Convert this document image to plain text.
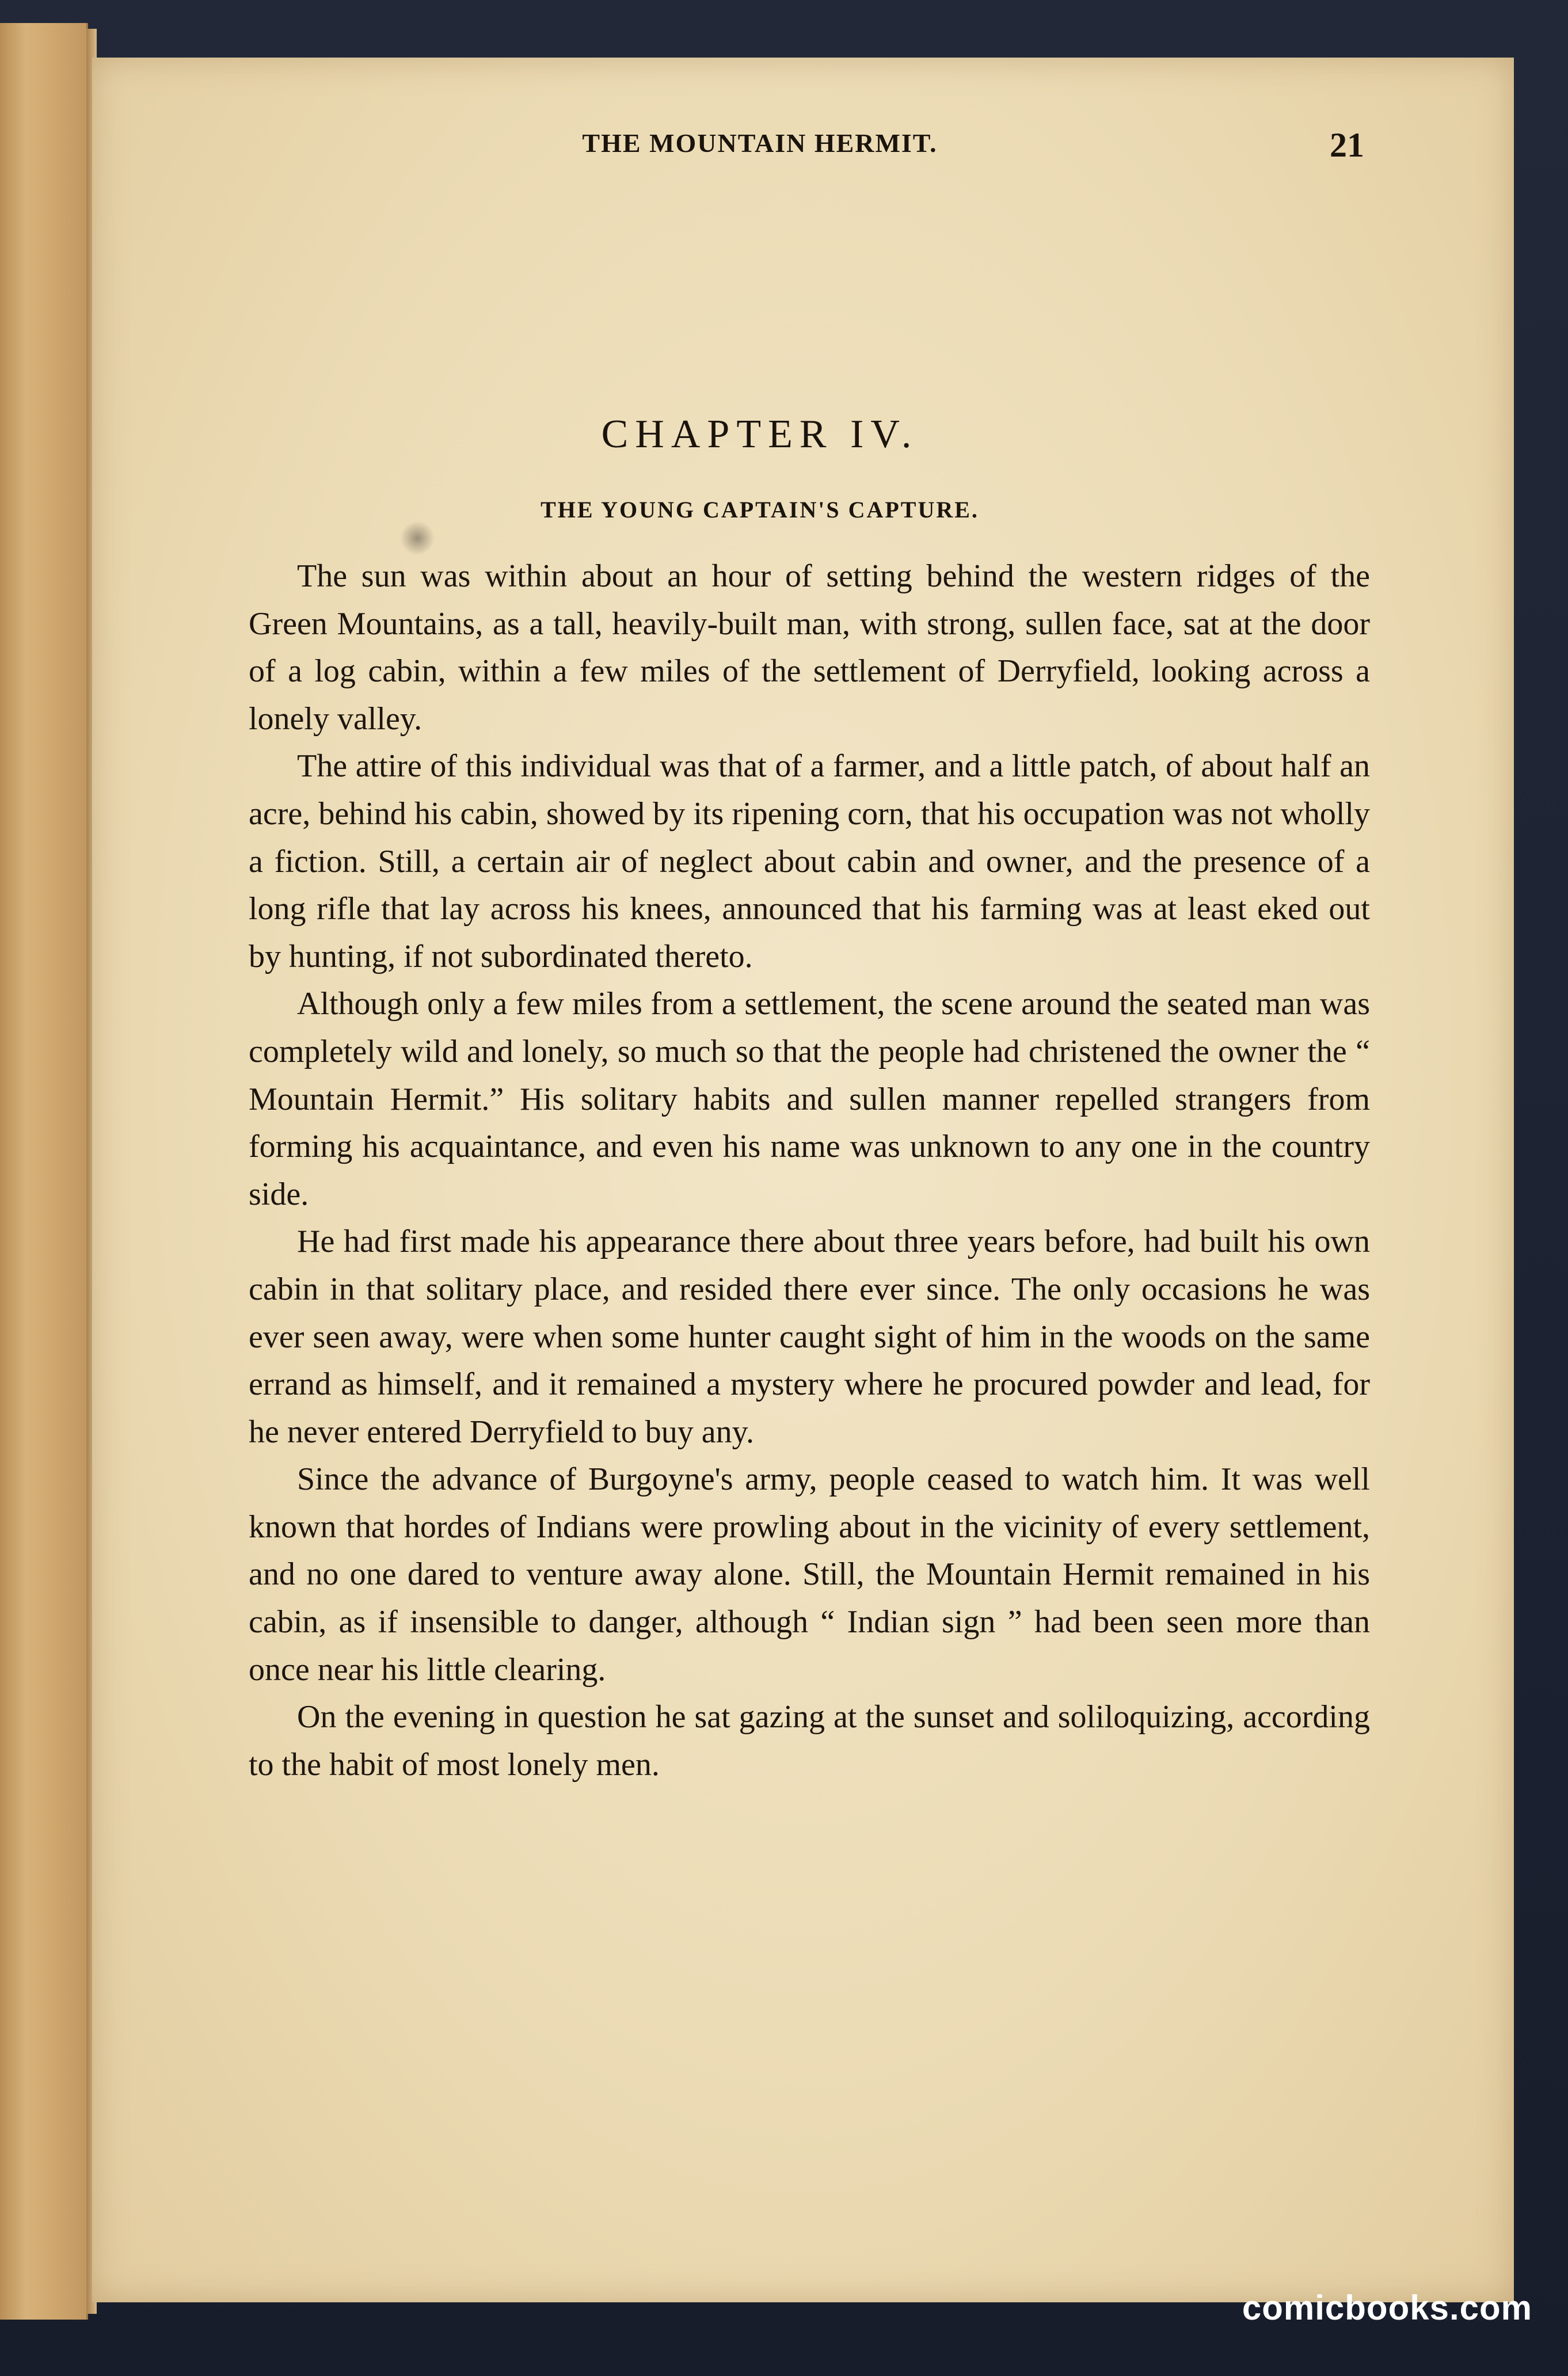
THE MOUNTAIN HERMIT.	21
CHAPTER IV.
THE YOUNG CAPTAIN'S CAPTURE.

The sun was within about an hour of setting behind the western ridges of the Green Mountains, as a tall, heavily-built man, with strong, sullen face, sat at the door of a log cabin, within a few miles of the settlement of Derryfield, looking across a lonely valley.

The attire of this individual was that of a farmer, and a little patch, of about half an acre, behind his cabin, showed by its ripening corn, that his occupation was not wholly a fiction. Still, a certain air of neglect about cabin and owner, and the presence of a long rifle that lay across his knees, announced that his farming was at least eked out by hunting, if not subordinated thereto.

Although only a few miles from a settlement, the scene around the seated man was completely wild and lonely, so much so that the people had christened the owner the “ Mountain Hermit.” His solitary habits and sullen manner repelled strangers from forming his acquaintance, and even his name was unknown to any one in the country side.

He had first made his appearance there about three years before, had built his own cabin in that solitary place, and resided there ever since. The only occasions he was ever seen away, were when some hunter caught sight of him in the woods on the same errand as himself, and it remained a mystery where he procured powder and lead, for he never entered Derryfield to buy any.

Since the advance of Burgoyne's army, people ceased to watch him. It was well known that hordes of Indians were prowling about in the vicinity of every settlement, and no one dared to venture away alone. Still, the Mountain Hermit remained in his cabin, as if insensible to danger, although “ Indian sign ” had been seen more than once near his little clearing.

On the evening in question he sat gazing at the sunset and soliloquizing, according to the habit of most lonely men.

comicbooks.com
